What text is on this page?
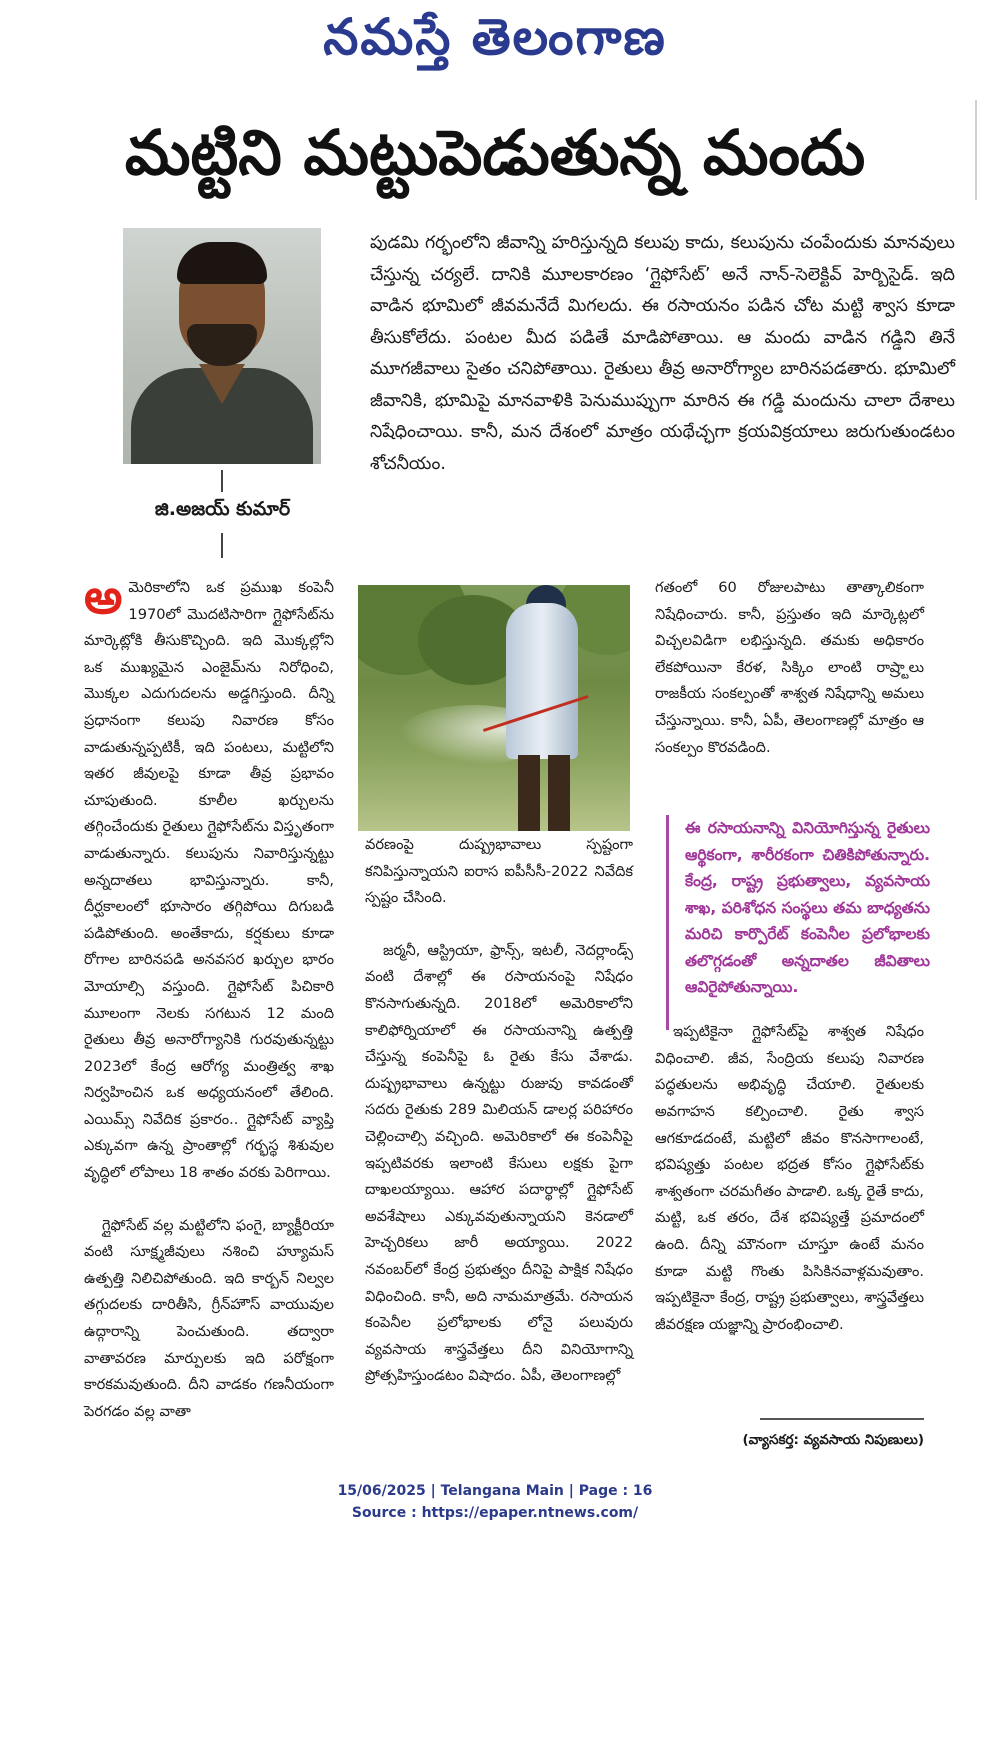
నమస్తే తెలంగాణ
మట్టిని మట్టుపెడుతున్న మందు
జి.అజయ్ కుమార్

పుడమి గర్భంలోని జీవాన్ని హరిస్తున్నది కలుపు కాదు, కలుపును చంపేందుకు మానవులు చేస్తున్న చర్యలే. దానికి మూలకారణం ‘గ్లైఫోసేట్’ అనే నాన్-సెలెక్టివ్ హెర్బిసైడ్. ఇది వాడిన భూమిలో జీవమనేదే మిగలదు. ఈ రసాయనం పడిన చోట మట్టి శ్వాస కూడా తీసుకోలేదు. పంటల మీద పడితే మాడిపోతాయి. ఆ మందు వాడిన గడ్డిని తినే మూగజీవాలు సైతం చనిపోతాయి. రైతులు తీవ్ర అనారోగ్యాల బారినపడతారు. భూమిలో జీవానికి, భూమిపై మానవాళికి పెనుముప్పుగా మారిన ఈ గడ్డి మందును చాలా దేశాలు నిషేధించాయి. కానీ, మన దేశంలో మాత్రం యథేచ్ఛగా క్రయవిక్రయాలు జరుగుతుండటం శోచనీయం.

అమెరికాలోని ఒక ప్రముఖ కంపెనీ 1970లో మొదటిసారిగా గ్లైఫోసేట్‌ను మార్కెట్లోకి తీసుకొచ్చింది. ఇది మొక్కల్లోని ఒక ముఖ్యమైన ఎంజైమ్‌ను నిరోధించి, మొక్కల ఎదుగుదలను అడ్డగిస్తుంది. దీన్ని ప్రధానంగా కలుపు నివారణ కోసం వాడుతున్నప్పటికీ, ఇది పంటలు, మట్టిలోని ఇతర జీవులపై కూడా తీవ్ర ప్రభావం చూపుతుంది. కూలీల ఖర్చులను తగ్గించేందుకు రైతులు గ్లైఫోసేట్‌ను విస్తృతంగా వాడుతున్నారు. కలుపును నివారిస్తున్నట్టు అన్నదాతలు భావిస్తున్నారు. కానీ, దీర్ఘకాలంలో భూసారం తగ్గిపోయి దిగుబడి పడిపోతుంది. అంతేకాదు, కర్షకులు కూడా రోగాల బారినపడి అనవసర ఖర్చుల భారం మోయాల్సి వస్తుంది. గ్లైఫోసేట్ పిచికారి మూలంగా నెలకు సగటున 12 మంది రైతులు తీవ్ర అనారోగ్యానికి గురవుతున్నట్టు 2023లో కేంద్ర ఆరోగ్య మంత్రిత్వ శాఖ నిర్వహించిన ఒక అధ్యయనంలో తేలింది. ఎయిమ్స్ నివేదిక ప్రకారం.. గ్లైఫోసేట్ వ్యాప్తి ఎక్కువగా ఉన్న ప్రాంతాల్లో గర్భస్థ శిశువుల వృద్ధిలో లోపాలు 18 శాతం వరకు పెరిగాయి.

గ్లైఫోసేట్ వల్ల మట్టిలోని ఫంగై, బ్యాక్టీరియా వంటి సూక్ష్మజీవులు నశించి హ్యూమస్ ఉత్పత్తి నిలిచిపోతుంది. ఇది కార్బన్ నిల్వల తగ్గుదలకు దారితీసి, గ్రీన్‌హౌస్ వాయువుల ఉద్గారాన్ని పెంచుతుంది. తద్వారా వాతావరణ మార్పులకు ఇది పరోక్షంగా కారకమవుతుంది. దీని వాడకం గణనీయంగా పెరగడం వల్ల వాతా

వరణంపై దుష్ప్రభావాలు స్పష్టంగా కనిపిస్తున్నాయని ఐరాస ఐపీసీసీ-2022 నివేదిక స్పష్టం చేసింది.

జర్మనీ, ఆస్ట్రియా, ఫ్రాన్స్, ఇటలీ, నెదర్లాండ్స్ వంటి దేశాల్లో ఈ రసాయనంపై నిషేధం కొనసాగుతున్నది. 2018లో అమెరికాలోని కాలిఫోర్నియాలో ఈ రసాయనాన్ని ఉత్పత్తి చేస్తున్న కంపెనీపై ఓ రైతు కేసు వేశాడు. దుష్ప్రభావాలు ఉన్నట్టు రుజువు కావడంతో సదరు రైతుకు 289 మిలియన్ డాలర్ల పరిహారం చెల్లించాల్సి వచ్చింది. అమెరికాలో ఈ కంపెనీపై ఇప్పటివరకు ఇలాంటి కేసులు లక్షకు పైగా దాఖలయ్యాయి. ఆహార పదార్థాల్లో గ్లైఫోసేట్ అవశేషాలు ఎక్కువవుతున్నాయని కెనడాలో హెచ్చరికలు జారీ అయ్యాయి. 2022 నవంబర్‌లో కేంద్ర ప్రభుత్వం దీనిపై పాక్షిక నిషేధం విధించింది. కానీ, అది నామమాత్రమే. రసాయన కంపెనీల ప్రలోభాలకు లోనై పలువురు వ్యవసాయ శాస్త్రవేత్తలు దీని వినియోగాన్ని ప్రోత్సహిస్తుండటం విషాదం. ఏపీ, తెలంగాణల్లో

గతంలో 60 రోజులపాటు తాత్కాలికంగా నిషేధించారు. కానీ, ప్రస్తుతం ఇది మార్కెట్లలో విచ్చలవిడిగా లభిస్తున్నది. తమకు అధికారం లేకపోయినా కేరళ, సిక్కిం లాంటి రాష్ర్టాలు రాజకీయ సంకల్పంతో శాశ్వత నిషేధాన్ని అమలు చేస్తున్నాయి. కానీ, ఏపీ, తెలంగాణల్లో మాత్రం ఆ సంకల్పం కొరవడింది.

ఇప్పటికైనా గ్లైఫోసేట్‌పై శాశ్వత నిషేధం విధించాలి. జీవ, సేంద్రియ కలుపు నివారణ పద్ధతులను అభివృద్ధి చేయాలి. రైతులకు అవగాహన కల్పించాలి. రైతు శ్వాస ఆగకూడదంటే, మట్టిలో జీవం కొనసాగాలంటే, భవిష్యత్తు పంటల భద్రత కోసం గ్లైఫోసేట్‌కు శాశ్వతంగా చరమగీతం పాడాలి. ఒక్క రైతే కాదు, మట్టి, ఒక తరం, దేశ భవిష్యత్తే ప్రమాదంలో ఉంది. దీన్ని మౌనంగా చూస్తూ ఉంటే మనం కూడా మట్టి గొంతు పిసికినవాళ్లమవుతాం. ఇప్పటికైనా కేంద్ర, రాష్ట్ర ప్రభుత్వాలు, శాస్త్రవేత్తలు జీవరక్షణ యజ్ఞాన్ని ప్రారంభించాలి.

ఈ రసాయనాన్ని వినియోగిస్తున్న రైతులు ఆర్థికంగా, శారీరకంగా చితికిపోతున్నారు. కేంద్ర, రాష్ట్ర ప్రభుత్వాలు, వ్యవసాయ శాఖ, పరిశోధన సంస్థలు తమ బాధ్యతను మరిచి కార్పొరేట్ కంపెనీల ప్రలోభాలకు తలొగ్గడంతో అన్నదాతల జీవితాలు ఆవిరైపోతున్నాయి.

(వ్యాసకర్త: వ్యవసాయ నిపుణులు)
15/06/2025 | Telangana Main | Page : 16
Source : https://epaper.ntnews.com/
